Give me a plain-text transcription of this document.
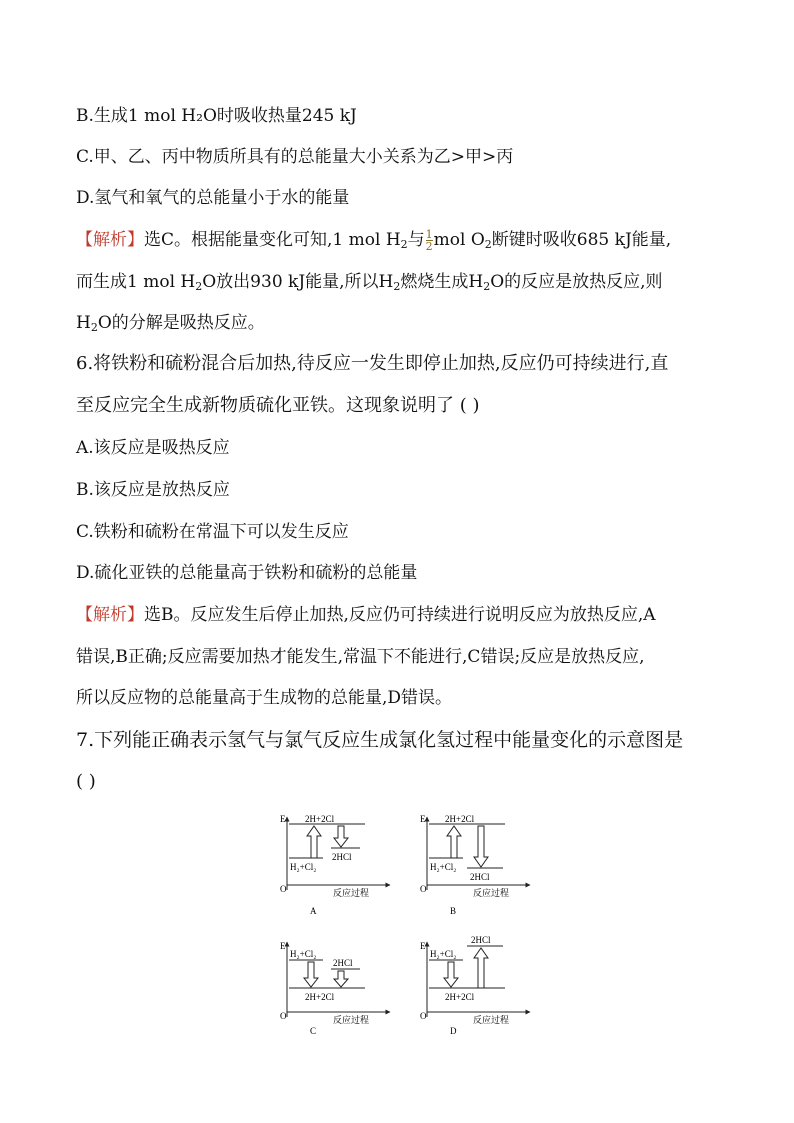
B.生成1 mol H₂O时吸收热量245 kJ
C.甲、乙、丙中物质所具有的总能量大小关系为乙>甲>丙
D.氢气和氧气的总能量小于水的能量
【解析】选C。根据能量变化可知,1 mol $H_2$与 $\frac{1}{2}$ mol $O_2$断键时吸收685 kJ能量,
而生成1 mol $H_2O$放出930 kJ能量,所以$H_2$燃烧生成$H_2O$的反应是放热反应,则
$H_2O$的分解是吸热反应。
6.将铁粉和硫粉混合后加热,待反应一发生即停止加热,反应仍可持续进行,直
至反应完全生成新物质硫化亚铁。这现象说明了 ( )
A.该反应是吸热反应
B.该反应是放热反应
C.铁粉和硫粉在常温下可以发生反应
D.硫化亚铁的总能量高于铁粉和硫粉的总能量
【解析】选B。反应发生后停止加热,反应仍可持续进行说明反应为放热反应,A
错误,B正确;反应需要加热才能发生,常温下不能进行,C错误;反应是放热反应,
所以反应物的总能量高于生成物的总能量,D错误。
7.下列能正确表示氢气与氯气反应生成氯化氢过程中能量变化的示意图是
( )
E
O	反应过程
2H+2Cl
H₂+Cl₂
2HCl
A
E
O	反应过程
2H+2Cl
H₂+Cl₂
2HCl
B
E
O	反应过程
H₂+Cl₂
2HCl
2H+2Cl
C
E
O	反应过程
2HCl
H₂+Cl₂
2H+2Cl
D
